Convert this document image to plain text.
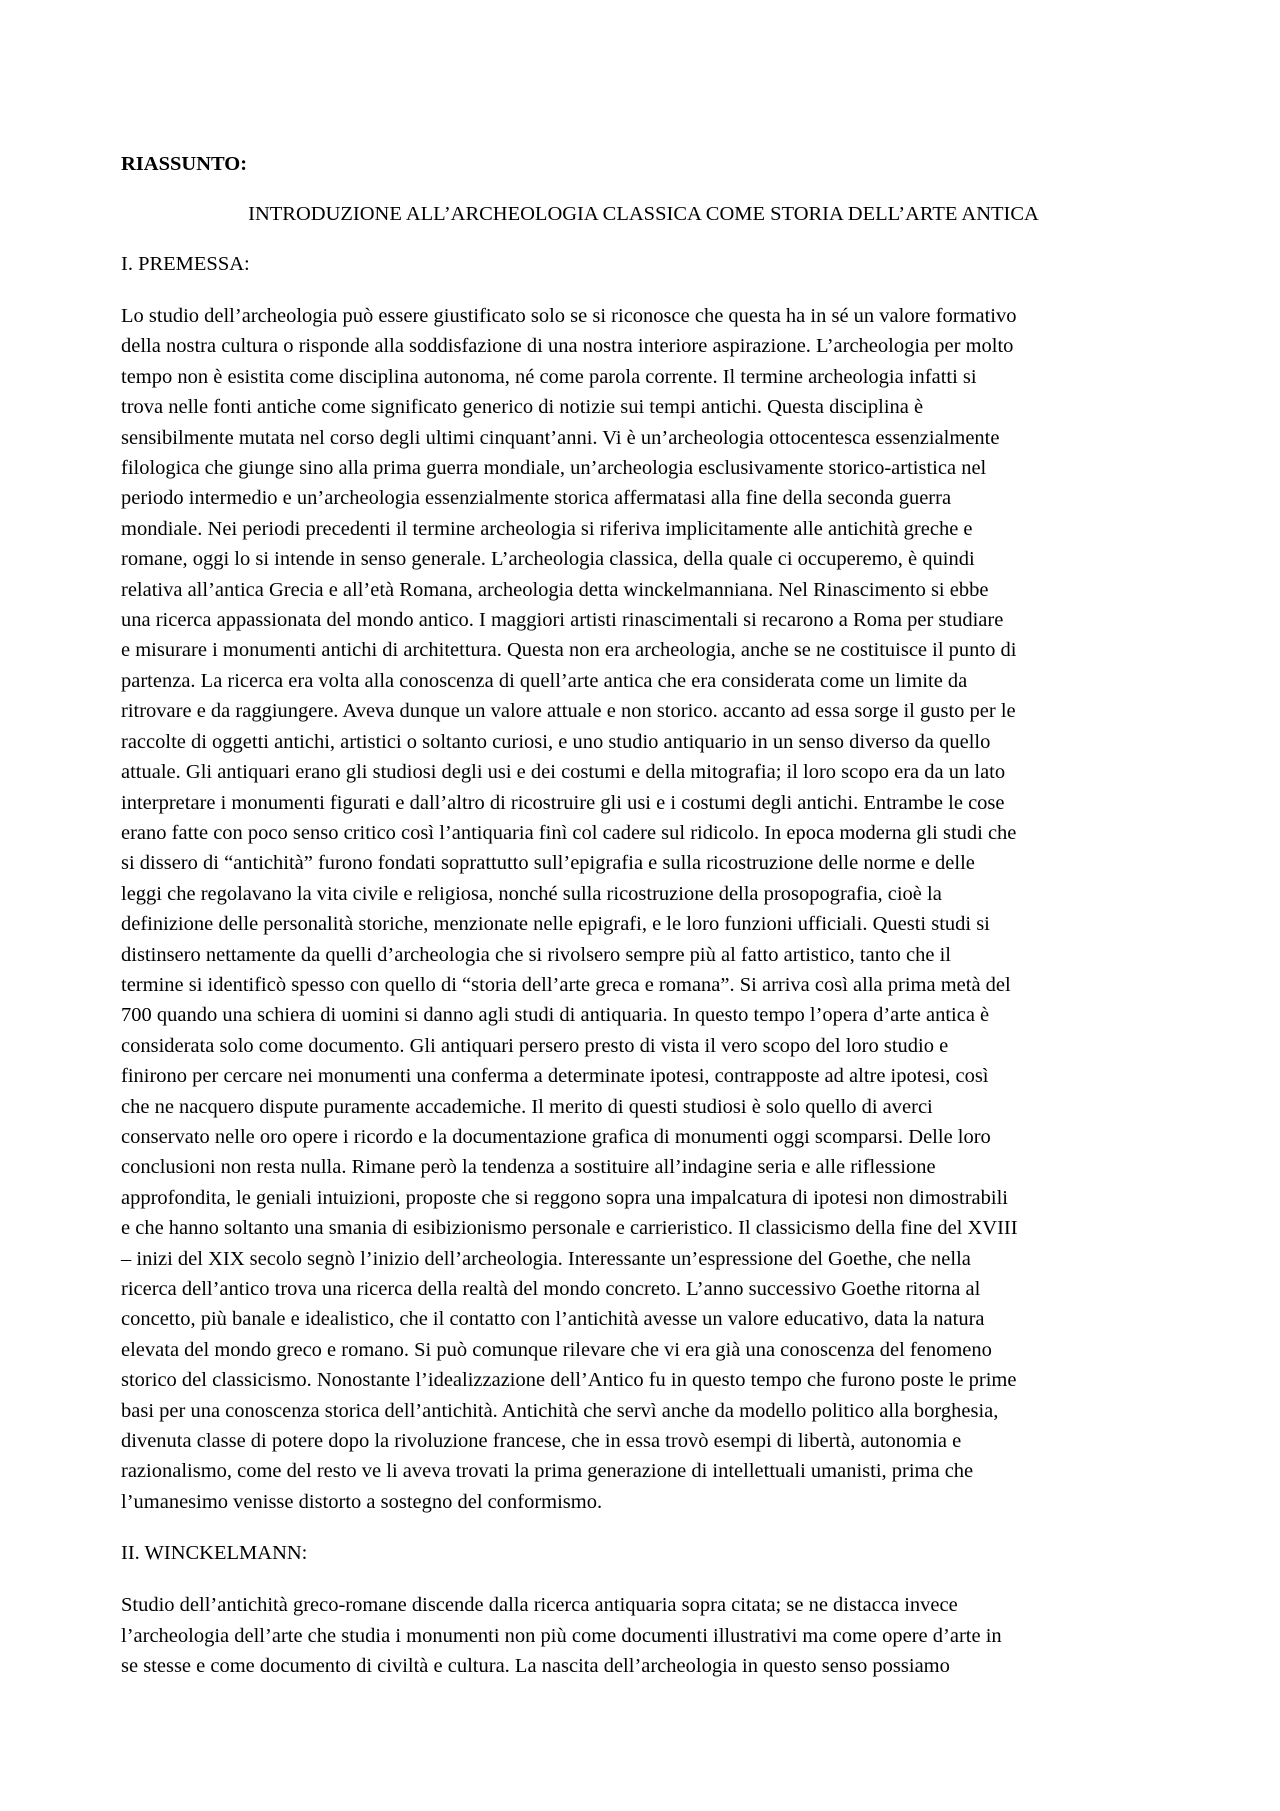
RIASSUNTO:

INTRODUZIONE ALL’ARCHEOLOGIA CLASSICA COME STORIA DELL’ARTE ANTICA

I. PREMESSA:

Lo studio dell’archeologia può essere giustificato solo se si riconosce che questa ha in sé un valore formativo
della nostra cultura o risponde alla soddisfazione di una nostra interiore aspirazione. L’archeologia per molto
tempo non è esistita come disciplina autonoma, né come parola corrente. Il termine archeologia infatti si
trova nelle fonti antiche come significato generico di notizie sui tempi antichi. Questa disciplina è
sensibilmente mutata nel corso degli ultimi cinquant’anni. Vi è un’archeologia ottocentesca essenzialmente
filologica che giunge sino alla prima guerra mondiale, un’archeologia esclusivamente storico-artistica nel
periodo intermedio e un’archeologia essenzialmente storica affermatasi alla fine della seconda guerra
mondiale. Nei periodi precedenti il termine archeologia si riferiva implicitamente alle antichità greche e
romane, oggi lo si intende in senso generale. L’archeologia classica, della quale ci occuperemo, è quindi
relativa all’antica Grecia e all’età Romana, archeologia detta winckelmanniana. Nel Rinascimento si ebbe
una ricerca appassionata del mondo antico. I maggiori artisti rinascimentali si recarono a Roma per studiare
e misurare i monumenti antichi di architettura. Questa non era archeologia, anche se ne costituisce il punto di
partenza. La ricerca era volta alla conoscenza di quell’arte antica che era considerata come un limite da
ritrovare e da raggiungere. Aveva dunque un valore attuale e non storico. accanto ad essa sorge il gusto per le
raccolte di oggetti antichi, artistici o soltanto curiosi, e uno studio antiquario in un senso diverso da quello
attuale. Gli antiquari erano gli studiosi degli usi e dei costumi e della mitografia; il loro scopo era da un lato
interpretare i monumenti figurati e dall’altro di ricostruire gli usi e i costumi degli antichi. Entrambe le cose
erano fatte con poco senso critico così l’antiquaria finì col cadere sul ridicolo. In epoca moderna gli studi che
si dissero di “antichità” furono fondati soprattutto sull’epigrafia e sulla ricostruzione delle norme e delle
leggi che regolavano la vita civile e religiosa, nonché sulla ricostruzione della prosopografia, cioè la
definizione delle personalità storiche, menzionate nelle epigrafi, e le loro funzioni ufficiali. Questi studi si
distinsero nettamente da quelli d’archeologia che si rivolsero sempre più al fatto artistico, tanto che il
termine si identificò spesso con quello di “storia dell’arte greca e romana”. Si arriva così alla prima metà del
700 quando una schiera di uomini si danno agli studi di antiquaria. In questo tempo l’opera d’arte antica è
considerata solo come documento. Gli antiquari persero presto di vista il vero scopo del loro studio e
finirono per cercare nei monumenti una conferma a determinate ipotesi, contrapposte ad altre ipotesi, così
che ne nacquero dispute puramente accademiche. Il merito di questi studiosi è solo quello di averci
conservato nelle oro opere i ricordo e la documentazione grafica di monumenti oggi scomparsi. Delle loro
conclusioni non resta nulla. Rimane però la tendenza a sostituire all’indagine seria e alle riflessione
approfondita, le geniali intuizioni, proposte che si reggono sopra una impalcatura di ipotesi non dimostrabili
e che hanno soltanto una smania di esibizionismo personale e carrieristico. Il classicismo della fine del XVIII
– inizi del XIX secolo segnò l’inizio dell’archeologia. Interessante un’espressione del Goethe, che nella
ricerca dell’antico trova una ricerca della realtà del mondo concreto. L’anno successivo Goethe ritorna al
concetto, più banale e idealistico, che il contatto con l’antichità avesse un valore educativo, data la natura
elevata del mondo greco e romano. Si può comunque rilevare che vi era già una conoscenza del fenomeno
storico del classicismo. Nonostante l’idealizzazione dell’Antico fu in questo tempo che furono poste le prime
basi per una conoscenza storica dell’antichità. Antichità che servì anche da modello politico alla borghesia,
divenuta classe di potere dopo la rivoluzione francese, che in essa trovò esempi di libertà, autonomia e
razionalismo, come del resto ve li aveva trovati la prima generazione di intellettuali umanisti, prima che
l’umanesimo venisse distorto a sostegno del conformismo.

II. WINCKELMANN:

Studio dell’antichità greco-romane discende dalla ricerca antiquaria sopra citata; se ne distacca invece
l’archeologia dell’arte che studia i monumenti non più come documenti illustrativi ma come opere d’arte in
se stesse e come documento di civiltà e cultura. La nascita dell’archeologia in questo senso possiamo
